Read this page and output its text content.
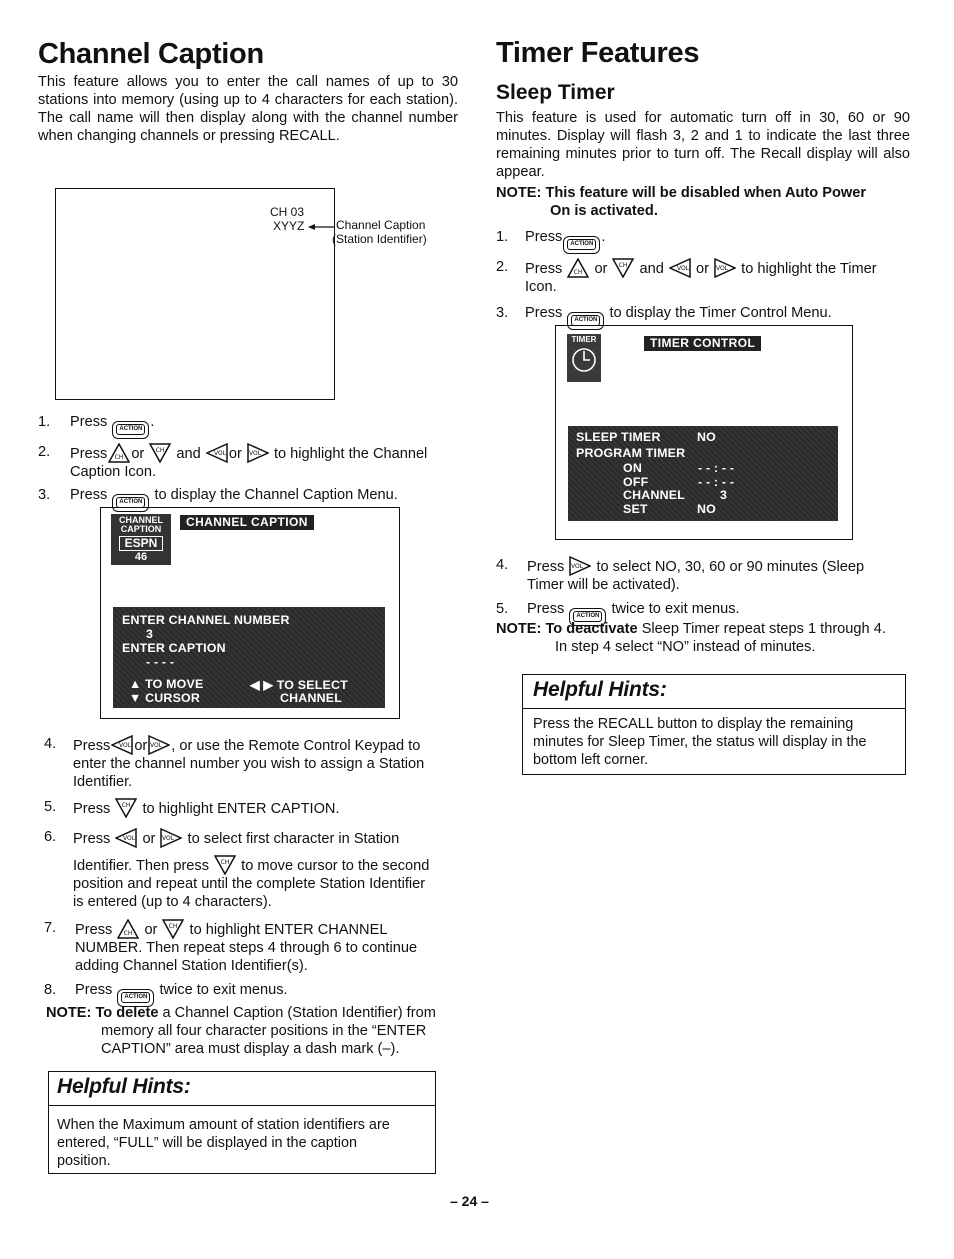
Channel Caption

This feature allows you to enter the call names of up to 30 stations into memory (using up to 4 characters for each station). The call name will then display along with the channel number when changing channels or pressing RECALL.

CH 03
XYYZ	Channel Caption
(Station Identifier)
1. Press ACTION .
2. Press or and or to highlight the Channel
Caption Icon.
3. Press ACTION to display the Channel Caption Menu.
CHANNEL CAPTION
ESPN
46
CHANNEL CAPTION
ENTER CHANNEL NUMBER
3
ENTER CAPTION
- - - -
▲ TO MOVE
▼ CURSOR
◀ ▶ TO SELECT
CHANNEL
4. Press or , or use the Remote Control Keypad to
enter the channel number you wish to assign a Station
Identifier.
5. Press to highlight ENTER CAPTION.
6. Press or to select first character in Station
Identifier. Then press to move cursor to the second
position and repeat until the complete Station Identifier
is entered (up to 4 characters).
7. Press or to highlight ENTER CHANNEL
NUMBER. Then repeat steps 4 through 6 to continue
adding Channel Station Identifier(s).
8. Press ACTION twice to exit menus.
NOTE: To delete a Channel Caption (Station Identifier) from
memory all four character positions in the “ENTER
CAPTION” area must display a dash mark (–).
Helpful Hints:
When the Maximum amount of station identifiers are
entered, “FULL” will be displayed in the caption
position.
Timer Features
Sleep Timer

This feature is used for automatic turn off in 30, 60 or 90 minutes. Display will flash 3, 2 and 1 to indicate the last three remaining minutes prior to turn off. The Recall display will also appear.

NOTE: This feature will be disabled when Auto Power
On is activated.
1. Press ACTION .
2. Press or and or to highlight the Timer
Icon.
3. Press ACTION to display the Timer Control Menu.
TIMER	TIMER CONTROL
SLEEP TIMER	NO
PROGRAM TIMER
ON	- - : - -
OFF	- - : - -
CHANNEL	3
SET	NO
4. Press to select NO, 30, 60 or 90 minutes (Sleep
Timer will be activated).
5. Press ACTION twice to exit menus.
NOTE: To deactivate Sleep Timer repeat steps 1 through 4.
In step 4 select “NO” instead of minutes.
Helpful Hints:
Press the RECALL button to display the remaining
minutes for Sleep Timer, the status will display in the
bottom left corner.
– 24 –
